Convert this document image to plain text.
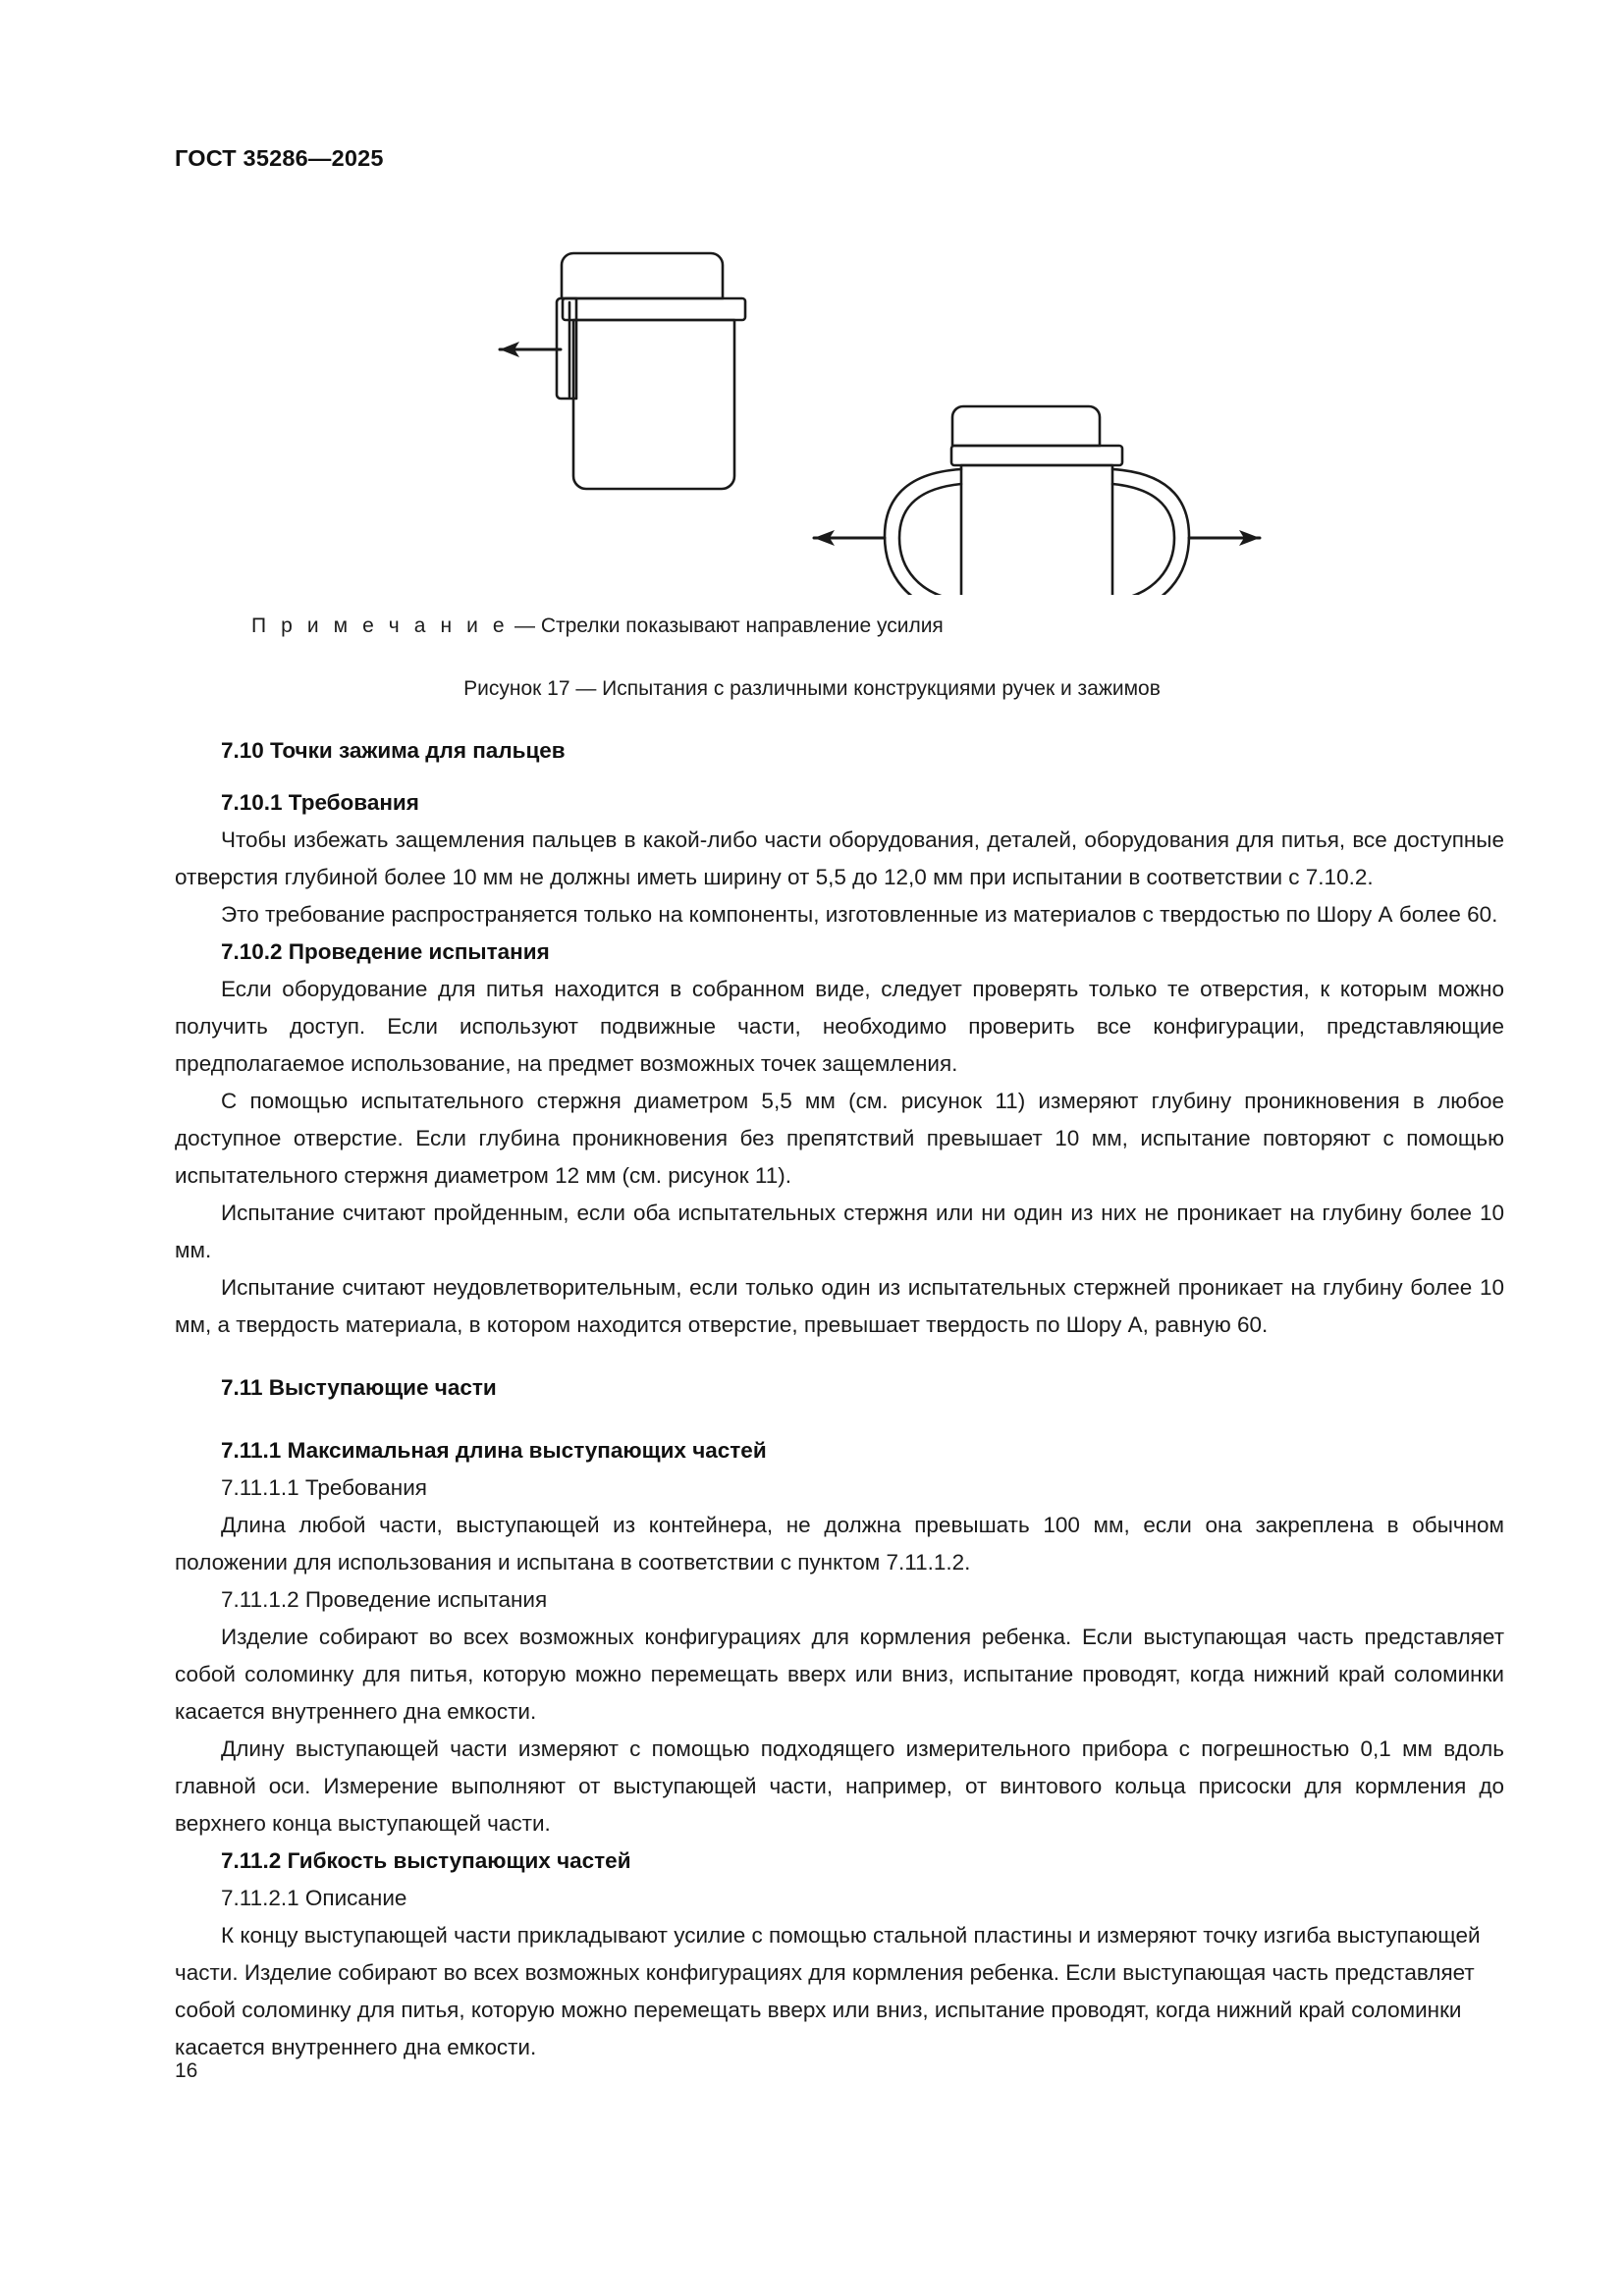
ГОСТ 35286—2025
П р и м е ч а н и е — Стрелки показывают направление усилия
Рисунок 17 — Испытания с различными конструкциями ручек и зажимов
7.10 Точки зажима для пальцев
7.10.1 Требования

Чтобы избежать защемления пальцев в какой-либо части оборудования, деталей, оборудования для питья, все доступные отверстия глубиной более 10 мм не должны иметь ширину от 5,5 до 12,0 мм при испытании в соответствии с 7.10.2.

Это требование распространяется только на компоненты, изготовленные из материалов с твердостью по Шору А более 60.

7.10.2 Проведение испытания

Если оборудование для питья находится в собранном виде, следует проверять только те отверстия, к которым можно получить доступ. Если используют подвижные части, необходимо проверить все конфигурации, представляющие предполагаемое использование, на предмет возможных точек защемления.

С помощью испытательного стержня диаметром 5,5 мм (см. рисунок 11) измеряют глубину проникновения в любое доступное отверстие. Если глубина проникновения без препятствий превышает 10 мм, испытание повторяют с помощью испытательного стержня диаметром 12 мм (см. рисунок 11).

Испытание считают пройденным, если оба испытательных стержня или ни один из них не проникает на глубину более 10 мм.

Испытание считают неудовлетворительным, если только один из испытательных стержней проникает на глубину более 10 мм, а твердость материала, в котором находится отверстие, превышает твердость по Шору А, равную 60.

7.11 Выступающие части
7.11.1 Максимальная длина выступающих частей
7.11.1.1 Требования

Длина любой части, выступающей из контейнера, не должна превышать 100 мм, если она закреплена в обычном положении для использования и испытана в соответствии с пунктом 7.11.1.2.

7.11.1.2 Проведение испытания

Изделие собирают во всех возможных конфигурациях для кормления ребенка. Если выступающая часть представляет собой соломинку для питья, которую можно перемещать вверх или вниз, испытание проводят, когда нижний край соломинки касается внутреннего дна емкости.

Длину выступающей части измеряют с помощью подходящего измерительного прибора с погрешностью 0,1 мм вдоль главной оси. Измерение выполняют от выступающей части, например, от винтового кольца присоски для кормления до верхнего конца выступающей части.

7.11.2 Гибкость выступающих частей
7.11.2.1 Описание

К концу выступающей части прикладывают усилие с помощью стальной пластины и измеряют точку изгиба выступающей части. Изделие собирают во всех возможных конфигурациях для кормления ребенка. Если выступающая часть представляет собой соломинку для питья, которую можно перемещать вверх или вниз, испытание проводят, когда нижний край соломинки касается внутреннего дна емкости.

16
